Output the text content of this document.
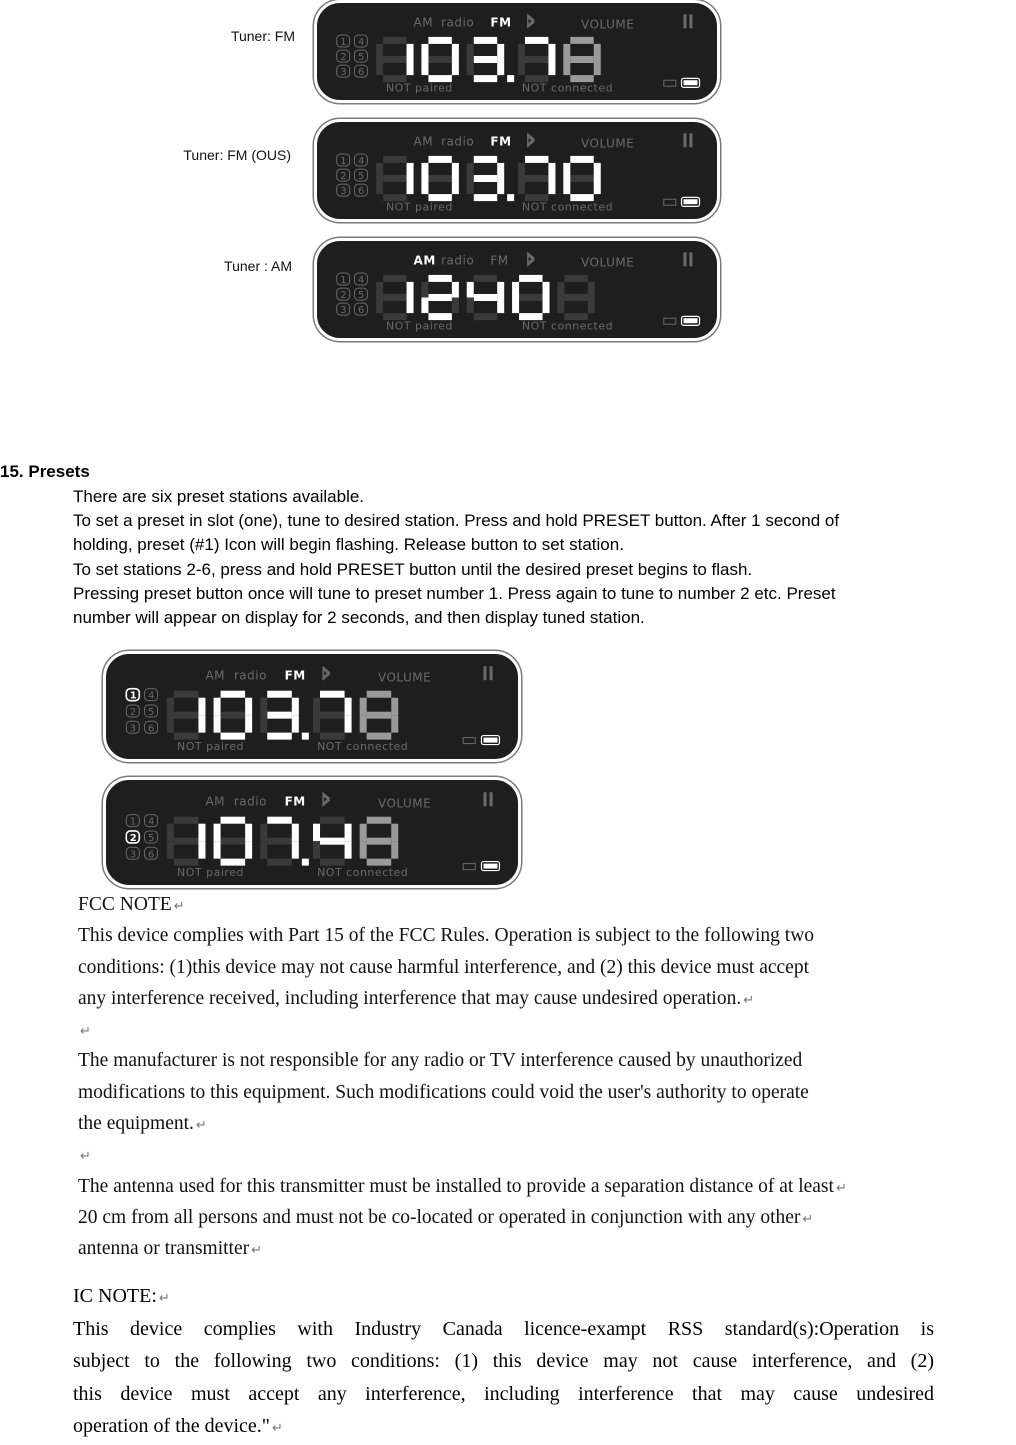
Tuner: FM
Tuner: FM (OUS)
Tuner : AM
AM radio FM	VOLUME
1 4
2 5
3 6
NOT paired	NOT connected
AM radio FM	VOLUME
1 4
2 5
3 6
NOT paired	NOT connected
AM radio FM	VOLUME
1 4
2 5
3 6
NOT paired	NOT connected
15. Presets
There are six preset stations available.
To set a preset in slot (one), tune to desired station. Press and hold PRESET button. After 1 second of
holding, preset (#1) Icon will begin flashing. Release button to set station.
To set stations 2-6, press and hold PRESET button until the desired preset begins to flash.
Pressing preset button once will tune to preset number 1. Press again to tune to number 2 etc. Preset
number will appear on display for 2 seconds, and then display tuned station.
AM radio FM	VOLUME
1 4
2 5
3 6
NOT paired	NOT connected
AM radio FM	VOLUME
1 4
2 5
3 6
NOT paired	NOT connected
FCC NOTE ↵
This device complies with Part 15 of the FCC Rules. Operation is subject to the following two
conditions: (1)this device may not cause harmful interference, and (2) this device must accept
any interference received, including interference that may cause undesired operation. ↵
↵
The manufacturer is not responsible for any radio or TV interference caused by unauthorized
modifications to this equipment. Such modifications could void the user's authority to operate
the equipment. ↵
↵
The antenna used for this transmitter must be installed to provide a separation distance of at least ↵
20 cm from all persons and must not be co-located or operated in conjunction with any other ↵
antenna or transmitter ↵
IC NOTE: ↵
This device complies with Industry Canada licence-exampt RSS standard(s):Operation is
subject to the following two conditions: (1) this device may not cause interference, and (2)
this device must accept any interference, including interference that may cause undesired
operation of the device." ↵
